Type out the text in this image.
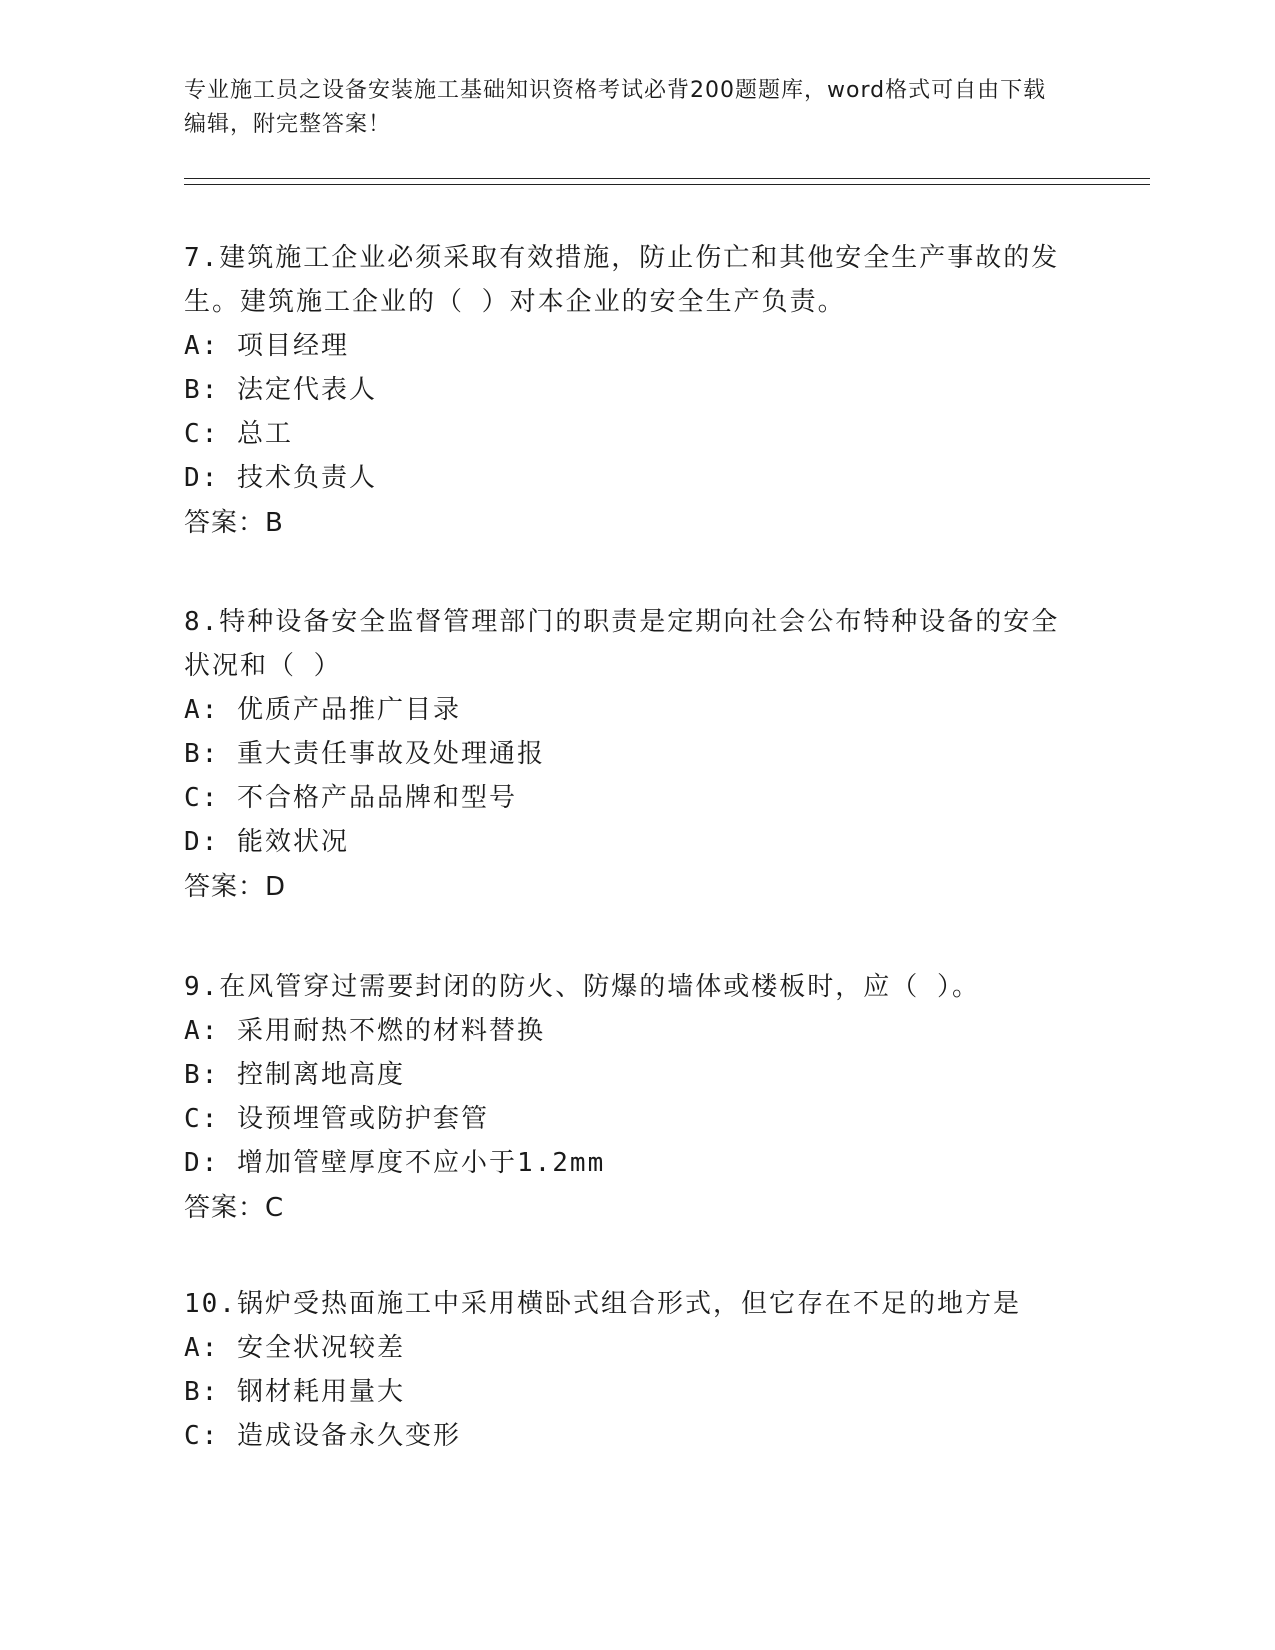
专业施工员之设备安装施工基础知识资格考试必背200题题库，word格式可自由下载编辑，附完整答案！

7.建筑施工企业必须采取有效措施，防止伤亡和其他安全生产事故的发生。建筑施工企业的（ ）对本企业的安全生产负责。

A: 项目经理

B: 法定代表人

C: 总工

D: 技术负责人

答案：B

8.特种设备安全监督管理部门的职责是定期向社会公布特种设备的安全状况和（ ）

A: 优质产品推广目录

B: 重大责任事故及处理通报

C: 不合格产品品牌和型号

D: 能效状况

答案：D

9.在风管穿过需要封闭的防火、防爆的墙体或楼板时，应（ ）。

A: 采用耐热不燃的材料替换

B: 控制离地高度

C: 设预埋管或防护套管

D: 增加管壁厚度不应小于1.2mm

答案：C

10.锅炉受热面施工中采用横卧式组合形式，但它存在不足的地方是

A: 安全状况较差

B: 钢材耗用量大

C: 造成设备永久变形
